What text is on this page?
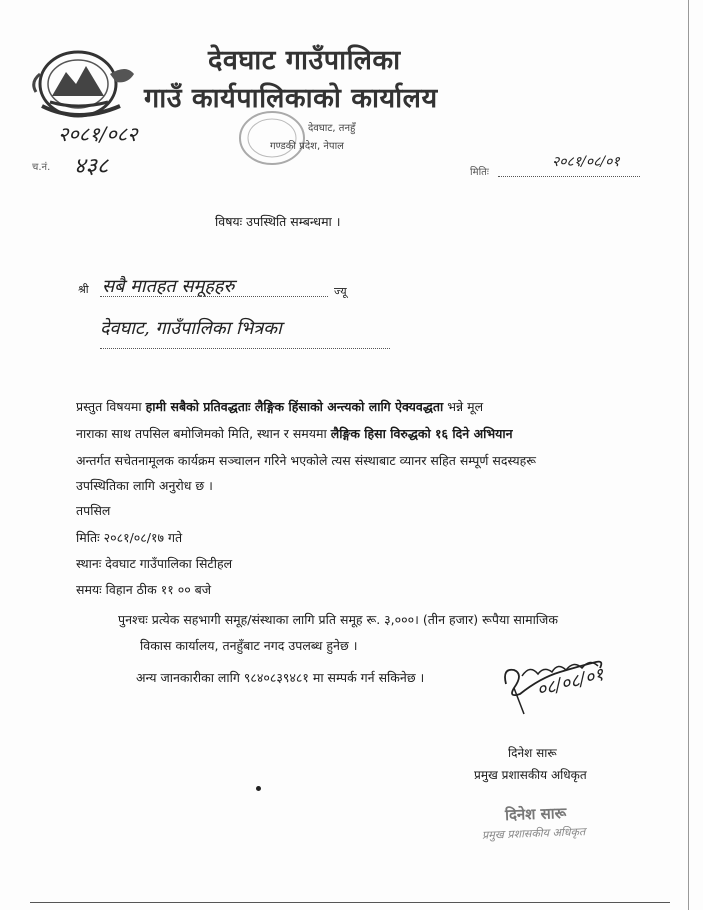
देवघाट गाउँपालिका
गाउँ कार्यपालिकाको कार्यालय
देवघाट, तनहुँ
गण्डकी प्रदेश, नेपाल
२०८१/०८२
च.नं. ४३८	मितिः
२०८१/०८/०१
विषयः उपस्थिति सम्बन्धमा ।
श्री सबै मातहत समूहहरु	ज्यू
देवघाट, गाउँपालिका भित्रका
प्रस्तुत विषयमा हामी सबैको प्रतिवद्धताः लैङ्गिक हिंसाको अन्त्यको लागि ऐक्यवद्धता भन्ने मूल
नाराका साथ तपसिल बमोजिमको मिति, स्थान र समयमा लैङ्गिक हिसा विरुद्धको १६ दिने अभियान
अन्तर्गत सचेतनामूलक कार्यक्रम सञ्चालन गरिने भएकोले त्यस संस्थाबाट व्यानर सहित सम्पूर्ण सदस्यहरू
उपस्थितिका लागि अनुरोध छ ।
तपसिल
मितिः २०८१/०८/१७ गते
स्थानः देवघाट गाउँपालिका सिटीहल
समयः विहान ठीक ११ ०० बजे
पुनश्चः प्रत्येक सहभागी समूह/संस्थाका लागि प्रति समूह रू. ३,०००। (तीन हजार) रूपैया सामाजिक
विकास कार्यालय, तनहुँबाट नगद उपलब्ध हुनेछ ।
अन्य जानकारीका लागि ९८४०८३९४८१ मा सम्पर्क गर्न सकिनेछ ।	०८/०८/०१
दिनेश सारू
प्रमुख प्रशासकीय अधिकृत
दिनेश सारू
प्रमुख प्रशासकीय अधिकृत
